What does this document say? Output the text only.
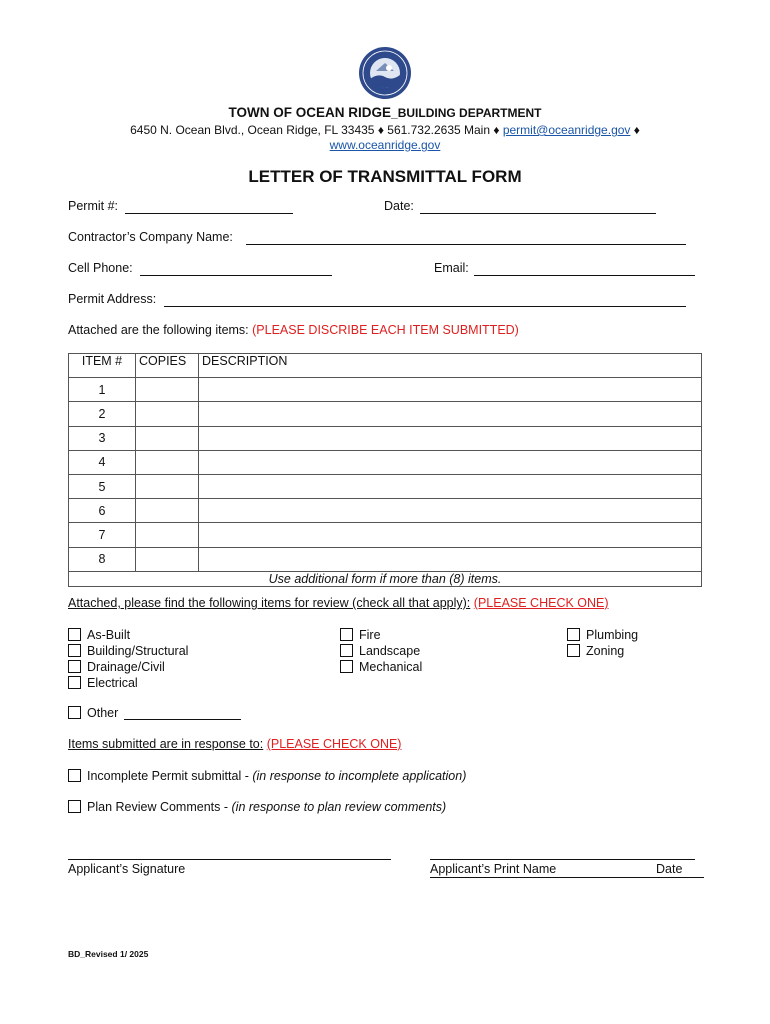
TOWN OF OCEAN RIDGE_BUILDING DEPARTMENT
6450 N. Ocean Blvd., Ocean Ridge, FL 33435 ♦ 561.732.2635 Main ♦ permit@oceanridge.gov ♦
www.oceanridge.gov
LETTER OF TRANSMITTAL FORM
Permit #:	Date:
Contractor’s Company Name:
Cell Phone:	Email:
Permit Address:
Attached are the following items: (PLEASE DISCRIBE EACH ITEM SUBMITTED)
ITEM #	COPIES	DESCRIPTION
1		
2		
3		
4		
5		
6		
7		
8		
Use additional form if more than (8) items.		
Attached, please find the following items for review (check all that apply): (PLEASE CHECK ONE)
As-Built
Building/Structural
Drainage/Civil
Electrical
Fire
Landscape
Mechanical
Plumbing
Zoning
Other
Items submitted are in response to: (PLEASE CHECK ONE)
Incomplete Permit submittal - (in response to incomplete application)
Plan Review Comments - (in response to plan review comments)
Applicant’s Signature	Applicant’s Print Name	Date
BD_Revised 1/ 2025
